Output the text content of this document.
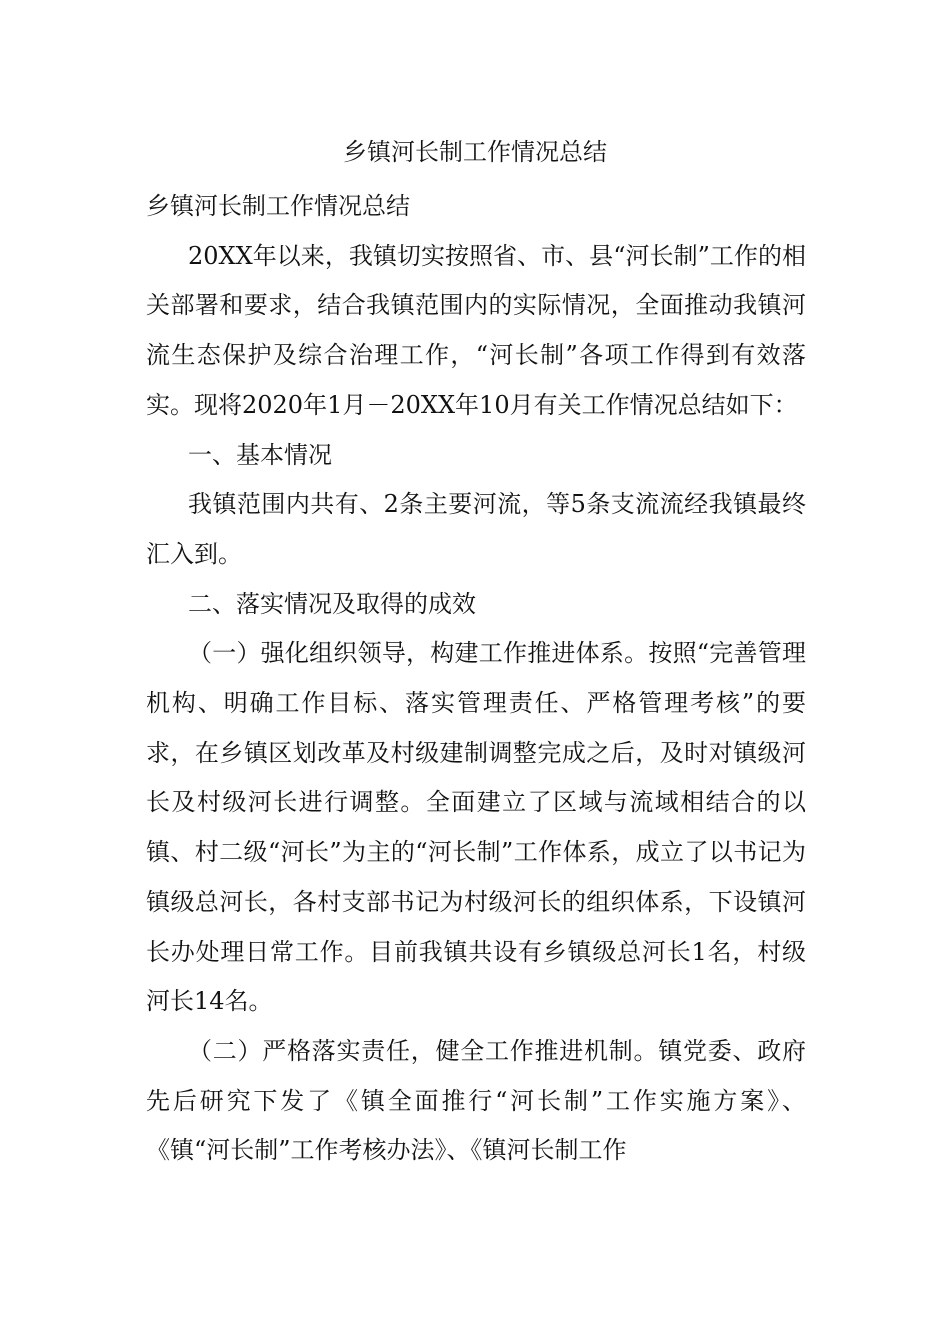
乡镇河长制工作情况总结

乡镇河长制工作情况总结

20XX年以来，我镇切实按照省、市、县“河长制”工作的相关部署和要求，结合我镇范围内的实际情况，全面推动我镇河流生态保护及综合治理工作，“河长制”各项工作得到有效落实。现将2020年1月－20XX年10月有关工作情况总结如下：

一、基本情况

我镇范围内共有、2条主要河流，等5条支流流经我镇最终汇入到。

二、落实情况及取得的成效

（一）强化组织领导，构建工作推进体系。按照“完善管理机构、明确工作目标、落实管理责任、严格管理考核”的要求，在乡镇区划改革及村级建制调整完成之后，及时对镇级河长及村级河长进行调整。全面建立了区域与流域相结合的以镇、村二级“河长”为主的“河长制”工作体系，成立了以书记为镇级总河长，各村支部书记为村级河长的组织体系，下设镇河长办处理日常工作。目前我镇共设有乡镇级总河长1名，村级河长14名。

（二）严格落实责任，健全工作推进机制。镇党委、政府先后研究下发了《镇全面推行“河长制”工作实施方案》、《镇“河长制”工作考核办法》、《镇河长制工作
